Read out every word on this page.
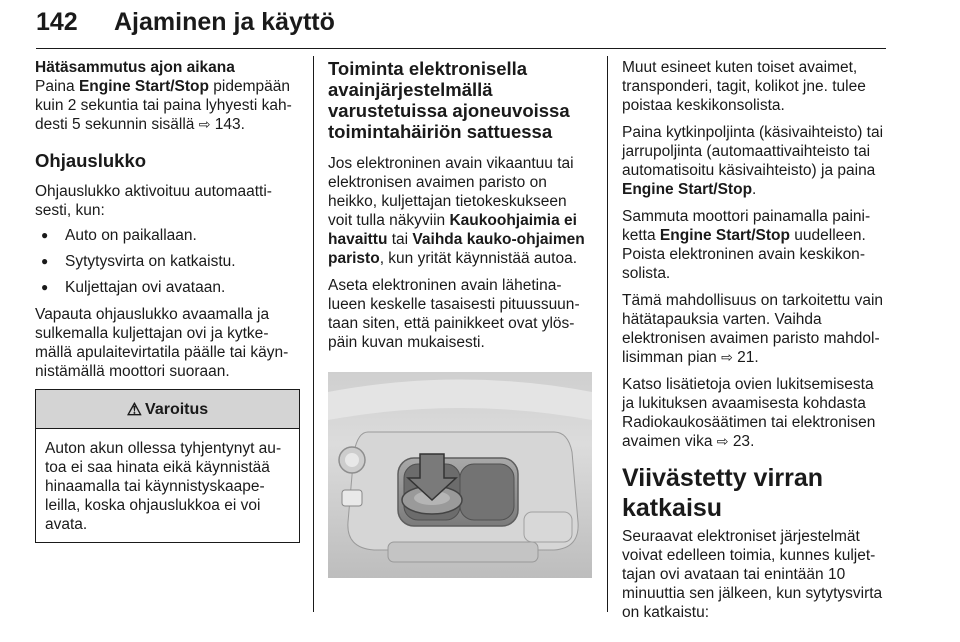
142 Ajaminen ja käyttö
Hätäsammutus ajon aikana

Paina Engine Start/Stop pidempään kuin 2 sekuntia tai paina lyhyesti kahdesti 5 sekunnin sisällä ⇨ 143.

Ohjauslukko

Ohjauslukko aktivoituu automaattisesti, kun:

● Auto on paikallaan.
● Sytytysvirta on katkaistu.
● Kuljettajan ovi avataan.

Vapauta ohjauslukko avaamalla ja sulkemalla kuljettajan ovi ja kytkemällä apulaitevirtatila päälle tai käynnistämällä moottori suoraan.

⚠ Varoitus
Auton akun ollessa tyhjentynyt autoa ei saa hinata eikä käynnistää hinaamalla tai käynnistyskaapeleilla, koska ohjauslukkoa ei voi avata.
Toiminta elektronisella avainjärjestelmällä varustetuissa ajoneuvoissa toimintahäiriön sattuessa

Jos elektroninen avain vikaantuu tai elektronisen avaimen paristo on heikko, kuljettajan tietokeskukseen voit tulla näkyviin Kaukoohjaimia ei havaittu tai Vaihda kauko-ohjaimen paristo, kun yrität käynnistää autoa.

Aseta elektroninen avain lähetinalueen keskelle tasaisesti pituussuuntaan siten, että painikkeet ovat ylöspäin kuvan mukaisesti.

Muut esineet kuten toiset avaimet, transponderi, tagit, kolikot jne. tulee poistaa keskikonsolista.

Paina kytkinpoljinta (käsivaihteisto) tai jarrupoljinta (automaattivaihteisto tai automatisoitu käsivaihteisto) ja paina Engine Start/Stop.

Sammuta moottori painamalla painiketta Engine Start/Stop uudelleen. Poista elektroninen avain keskikonsolista.

Tämä mahdollisuus on tarkoitettu vain hätätapauksia varten. Vaihda elektronisen avaimen paristo mahdollisimman pian ⇨ 21.

Katso lisätietoja ovien lukitsemisesta ja lukituksen avaamisesta kohdasta Radiokaukosäätimen tai elektronisen avaimen vika ⇨ 23.

Viivästetty virran katkaisu

Seuraavat elektroniset järjestelmät voivat edelleen toimia, kunnes kuljettajan ovi avataan tai enintään 10 minuuttia sen jälkeen, kun sytytysvirta on katkaistu:
